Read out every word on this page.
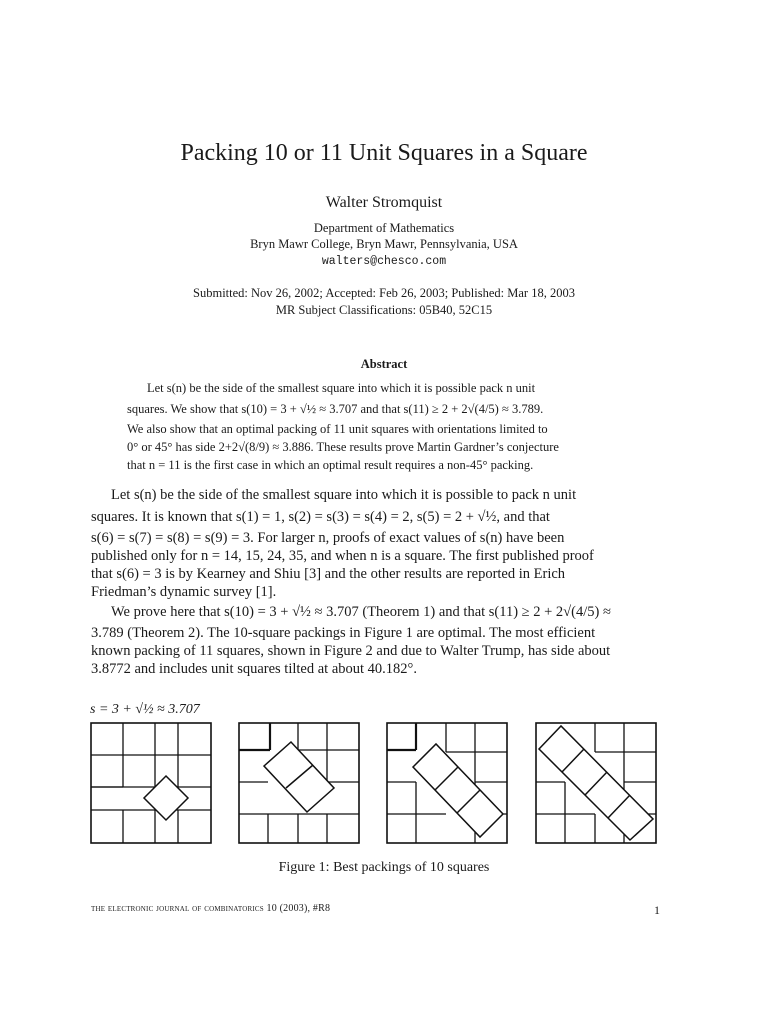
Packing 10 or 11 Unit Squares in a Square
Walter Stromquist
Department of Mathematics
Bryn Mawr College, Bryn Mawr, Pennsylvania, USA
walters@chesco.com
Submitted: Nov 26, 2002; Accepted: Feb 26, 2003; Published: Mar 18, 2003
MR Subject Classifications: 05B40, 52C15
Abstract
Let s(n) be the side of the smallest square into which it is possible pack n unit
squares. We show that s(10) = 3 + √½ ≈ 3.707 and that s(11) ≥ 2 + 2√(4/5) ≈ 3.789.
We also show that an optimal packing of 11 unit squares with orientations limited to
0° or 45° has side 2+2√(8/9) ≈ 3.886. These results prove Martin Gardner’s conjecture
that n = 11 is the first case in which an optimal result requires a non-45° packing.
Let s(n) be the side of the smallest square into which it is possible to pack n unit
squares. It is known that s(1) = 1, s(2) = s(3) = s(4) = 2, s(5) = 2 + √½, and that
s(6) = s(7) = s(8) = s(9) = 3. For larger n, proofs of exact values of s(n) have been
published only for n = 14, 15, 24, 35, and when n is a square. The first published proof
that s(6) = 3 is by Kearney and Shiu [3] and the other results are reported in Erich
Friedman’s dynamic survey [1].
We prove here that s(10) = 3 + √½ ≈ 3.707 (Theorem 1) and that s(11) ≥ 2 + 2√(4/5) ≈
3.789 (Theorem 2). The 10-square packings in Figure 1 are optimal. The most efficient
known packing of 11 squares, shown in Figure 2 and due to Walter Trump, has side about
3.8772 and includes unit squares tilted at about 40.182°.
s = 3 + √½ ≈ 3.707
Figure 1: Best packings of 10 squares
the electronic journal of combinatorics 10 (2003), #R8	1
